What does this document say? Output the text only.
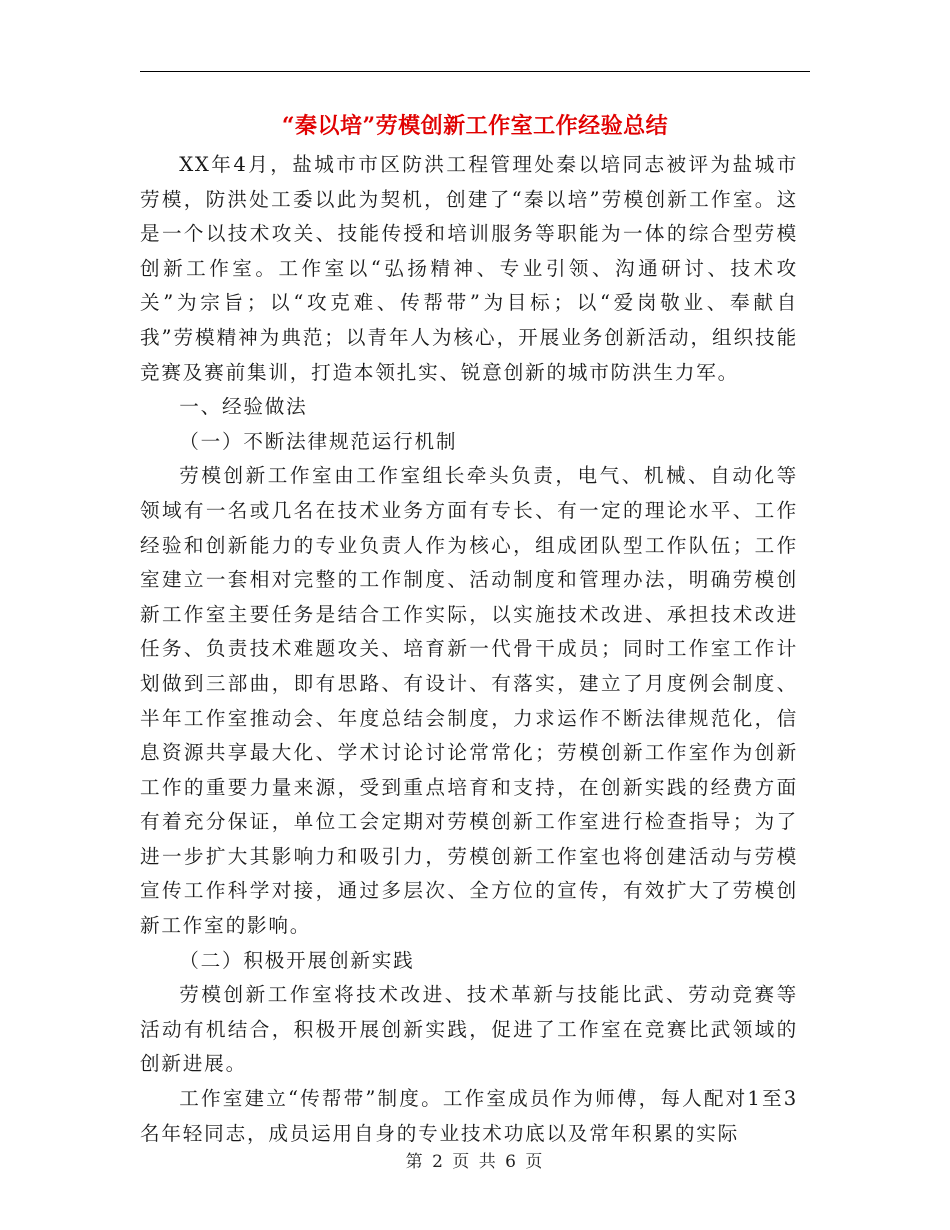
“秦以培”劳模创新工作室工作经验总结

XX年4月，盐城市市区防洪工程管理处秦以培同志被评为盐城市劳模，防洪处工委以此为契机，创建了“秦以培”劳模创新工作室。这是一个以技术攻关、技能传授和培训服务等职能为一体的综合型劳模创新工作室。工作室以“弘扬精神、专业引领、沟通研讨、技术攻关”为宗旨；以“攻克难、传帮带”为目标；以“爱岗敬业、奉献自我”劳模精神为典范；以青年人为核心，开展业务创新活动，组织技能竞赛及赛前集训，打造本领扎实、锐意创新的城市防洪生力军。

一、经验做法

（一）不断法律规范运行机制

劳模创新工作室由工作室组长牵头负责，电气、机械、自动化等领域有一名或几名在技术业务方面有专长、有一定的理论水平、工作经验和创新能力的专业负责人作为核心，组成团队型工作队伍；工作室建立一套相对完整的工作制度、活动制度和管理办法，明确劳模创新工作室主要任务是结合工作实际，以实施技术改进、承担技术改进任务、负责技术难题攻关、培育新一代骨干成员；同时工作室工作计划做到三部曲，即有思路、有设计、有落实，建立了月度例会制度、半年工作室推动会、年度总结会制度，力求运作不断法律规范化，信息资源共享最大化、学术讨论讨论常常化；劳模创新工作室作为创新工作的重要力量来源，受到重点培育和支持，在创新实践的经费方面有着充分保证，单位工会定期对劳模创新工作室进行检查指导；为了进一步扩大其影响力和吸引力，劳模创新工作室也将创建活动与劳模宣传工作科学对接，通过多层次、全方位的宣传，有效扩大了劳模创新工作室的影响。

（二）积极开展创新实践

劳模创新工作室将技术改进、技术革新与技能比武、劳动竞赛等活动有机结合，积极开展创新实践，促进了工作室在竞赛比武领域的创新进展。

工作室建立“传帮带”制度。工作室成员作为师傅，每人配对1至3名年轻同志，成员运用自身的专业技术功底以及常年积累的实际

第 2 页 共 6 页
